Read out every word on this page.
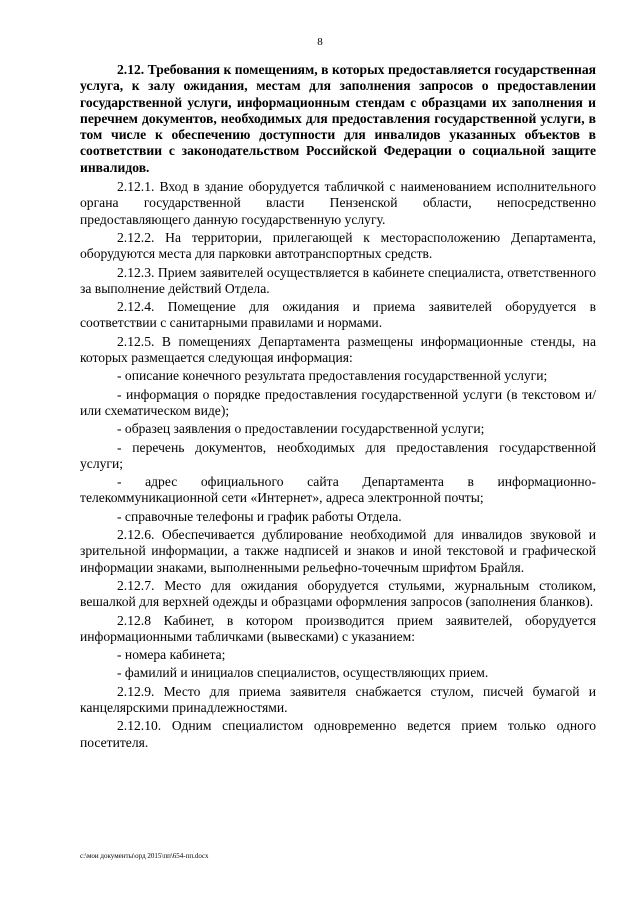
8

2.12. Требования к помещениям, в которых предоставляется государственная услуга, к залу ожидания, местам для заполнения запросов о предоставлении государственной услуги, информационным стендам с образцами их заполнения и перечнем документов, необходимых для предоставления государственной услуги, в том числе к обеспечению доступности для инвалидов указанных объектов в соответствии с законодательством Российской Федерации о социальной защите инвалидов.

2.12.1. Вход в здание оборудуется табличкой с наименованием исполнительного органа государственной власти Пензенской области, непосредственно предоставляющего данную государственную услугу.

2.12.2. На территории, прилегающей к месторасположению Департамента, оборудуются места для парковки автотранспортных средств.

2.12.3. Прием заявителей осуществляется в кабинете специалиста, ответственного за выполнение действий Отдела.

2.12.4. Помещение для ожидания и приема заявителей оборудуется в соответствии с санитарными правилами и нормами.

2.12.5. В помещениях Департамента размещены информационные стенды, на которых размещается следующая информация:

- описание конечного результата предоставления государственной услуги;

- информация о порядке предоставления государственной услуги (в текстовом и/или схематическом виде);

- образец заявления о предоставлении государственной услуги;

- перечень документов, необходимых для предоставления государственной услуги;

- адрес официального сайта Департамента в информационно-телекоммуникационной сети «Интернет», адреса электронной почты;

- справочные телефоны и график работы Отдела.

2.12.6. Обеспечивается дублирование необходимой для инвалидов звуковой и зрительной информации, а также надписей и знаков и иной текстовой и графической информации знаками, выполненными рельефно-точечным шрифтом Брайля.

2.12.7. Место для ожидания оборудуется стульями, журнальным столиком, вешалкой для верхней одежды и образцами оформления запросов (заполнения бланков).

2.12.8 Кабинет, в котором производится прием заявителей, оборудуется информационными табличками (вывесками) с указанием:

- номера кабинета;

- фамилий и инициалов специалистов, осуществляющих прием.

2.12.9. Место для приема заявителя снабжается стулом, писчей бумагой и канцелярскими принадлежностями.

2.12.10. Одним специалистом одновременно ведется прием только одного посетителя.

c:\мои документы\орд 2015\пп\654-пп.docx
